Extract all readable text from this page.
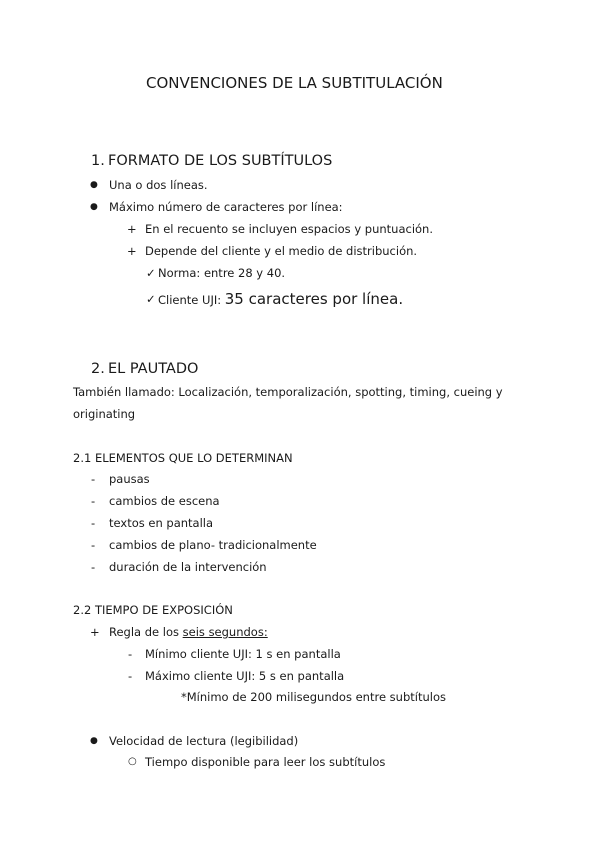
CONVENCIONES DE LA SUBTITULACIÓN
1. FORMATO DE LOS SUBTÍTULOS
● Una o dos líneas.
● Máximo número de caracteres por línea:
+ En el recuento se incluyen espacios y puntuación.
+ Depende del cliente y el medio de distribución.
✓ Norma: entre 28 y 40.
✓ Cliente UJI: 35 caracteres por línea.
2. EL PAUTADO
También llamado: Localización, temporalización, spotting, timing, cueing y
originating
2.1 ELEMENTOS QUE LO DETERMINAN
- pausas
- cambios de escena
- textos en pantalla
- cambios de plano- tradicionalmente
- duración de la intervención
2.2 TIEMPO DE EXPOSICIÓN
+ Regla de los seis segundos:
- Mínimo cliente UJI: 1 s en pantalla
- Máximo cliente UJI: 5 s en pantalla
*Mínimo de 200 milisegundos entre subtítulos
● Velocidad de lectura (legibilidad)
○ Tiempo disponible para leer los subtítulos
